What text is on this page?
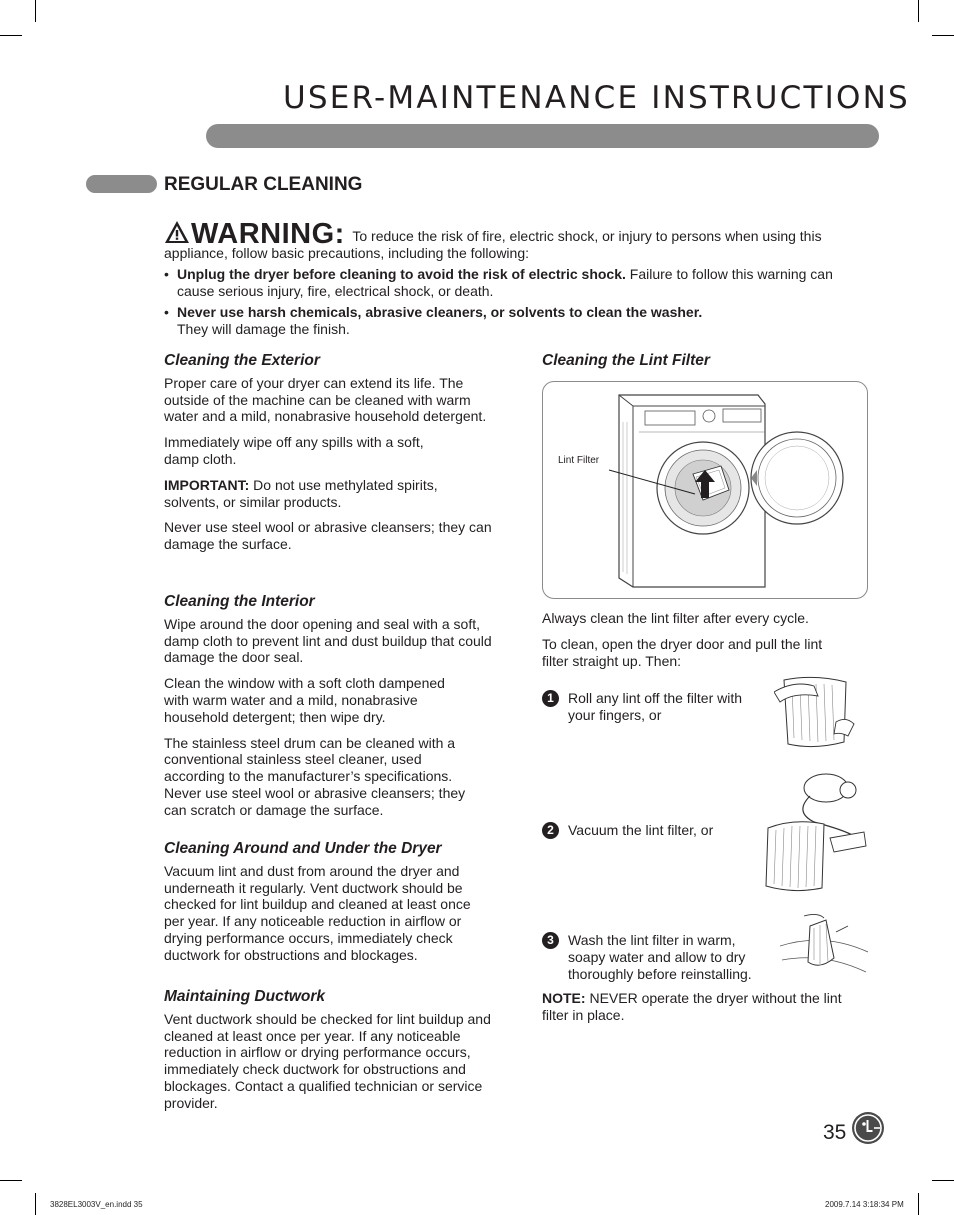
USER-MAINTENANCE INSTRUCTIONS
REGULAR CLEANING
WARNING: To reduce the risk of fire, electric shock, or injury to persons when using this appliance, follow basic precautions, including the following:
• Unplug the dryer before cleaning to avoid the risk of electric shock. Failure to follow this warning can cause serious injury, fire, electrical shock, or death.
• Never use harsh chemicals, abrasive cleaners, or solvents to clean the washer.
They will damage the finish.
Cleaning the Exterior

Proper care of your dryer can extend its life. The outside of the machine can be cleaned with warm water and a mild, nonabrasive household detergent.

Immediately wipe off any spills with a soft, damp cloth.

IMPORTANT: Do not use methylated spirits, solvents, or similar products.

Never use steel wool or abrasive cleansers; they can damage the surface.

Cleaning the Interior

Wipe around the door opening and seal with a soft, damp cloth to prevent lint and dust buildup that could damage the door seal.

Clean the window with a soft cloth dampened with warm water and a mild, nonabrasive household detergent; then wipe dry.

The stainless steel drum can be cleaned with a conventional stainless steel cleaner, used according to the manufacturer’s specifications. Never use steel wool or abrasive cleansers; they can scratch or damage the surface.

Cleaning Around and Under the Dryer

Vacuum lint and dust from around the dryer and underneath it regularly. Vent ductwork should be checked for lint buildup and cleaned at least once per year. If any noticeable reduction in airflow or drying performance occurs, immediately check ductwork for obstructions and blockages.

Maintaining Ductwork

Vent ductwork should be checked for lint buildup and cleaned at least once per year. If any noticeable reduction in airflow or drying performance occurs, immediately check ductwork for obstructions and blockages. Contact a qualified technician or service provider.

Cleaning the Lint Filter
Lint Filter

Always clean the lint filter after every cycle.

To clean, open the dryer door and pull the lint filter straight up. Then:

1	Roll any lint off the filter with your fingers, or
2	Vacuum the lint filter, or
3	Wash the lint filter in warm, soapy water and allow to dry thoroughly before reinstalling.

NOTE: NEVER operate the dryer without the lint filter in place.

35
3828EL3003V_en.indd 35	2009.7.14 3:18:34 PM
